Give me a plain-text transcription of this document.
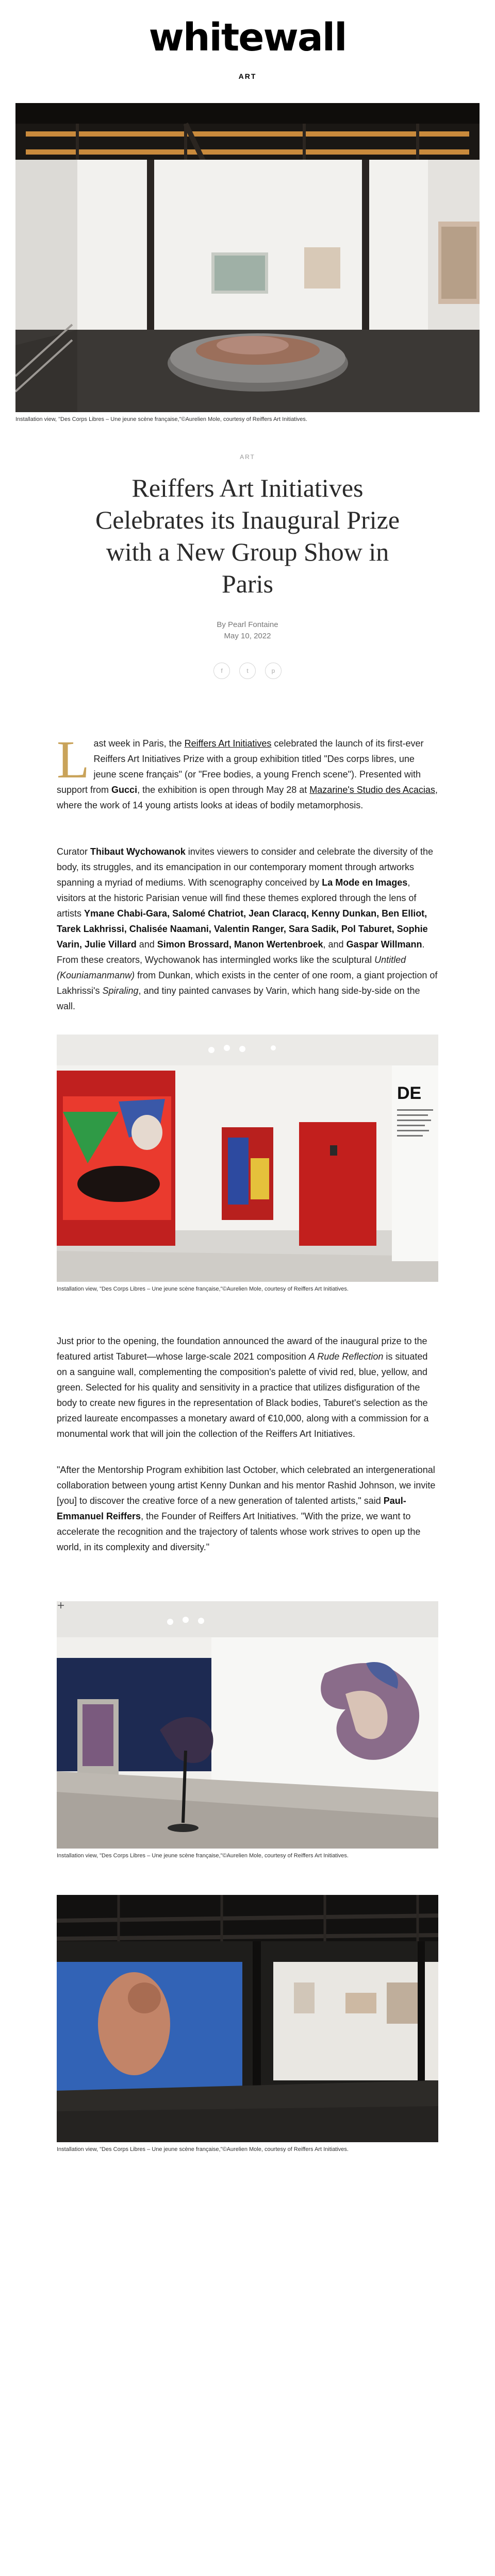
whitewall
ART
Installation view, "Des Corps Libres – Une jeune scène française,"©Aurelien Mole, courtesy of Reiffers Art Initiatives.
ART
Reiffers Art Initiatives Celebrates its Inaugural Prize with a New Group Show in Paris
By Pearl Fontaine
May 10, 2022
f	t	p

Last week in Paris, the Reiffers Art Initiatives celebrated the launch of its first-ever Reiffers Art Initiatives Prize with a group exhibition titled "Des corps libres, une jeune scene français" (or "Free bodies, a young French scene"). Presented with support from Gucci, the exhibition is open through May 28 at Mazarine's Studio des Acacias, where the work of 14 young artists looks at ideas of bodily metamorphosis.

Curator Thibaut Wychowanok invites viewers to consider and celebrate the diversity of the body, its struggles, and its emancipation in our contemporary moment through artworks spanning a myriad of mediums. With scenography conceived by La Mode en Images, visitors at the historic Parisian venue will find these themes explored through the lens of artists Ymane Chabi-Gara, Salomé Chatriot, Jean Claracq, Kenny Dunkan, Ben Elliot, Tarek Lakhrissi, Chalisée Naamani, Valentin Ranger, Sara Sadik, Pol Taburet, Sophie Varin, Julie Villard and Simon Brossard, Manon Wertenbroek, and Gaspar Willmann. From these creators, Wychowanok has intermingled works like the sculptural Untitled (Kouniamanmanw) from Dunkan, which exists in the center of one room, a giant projection of Lakhrissi's Spiraling, and tiny painted canvases by Varin, which hang side-by-side on the wall.

DE
Installation view, "Des Corps Libres – Une jeune scène française,"©Aurelien Mole, courtesy of Reiffers Art Initiatives.

Just prior to the opening, the foundation announced the award of the inaugural prize to the featured artist Taburet—whose large-scale 2021 composition A Rude Reflection is situated on a sanguine wall, complementing the composition's palette of vivid red, blue, yellow, and green. Selected for his quality and sensitivity in a practice that utilizes disfiguration of the body to create new figures in the representation of Black bodies, Taburet's selection as the prized laureate encompasses a monetary award of €10,000, along with a commission for a monumental work that will join the collection of the Reiffers Art Initiatives.

"After the Mentorship Program exhibition last October, which celebrated an intergenerational collaboration between young artist Kenny Dunkan and his mentor Rashid Johnson, we invite [you] to discover the creative force of a new generation of talented artists," said Paul-Emmanuel Reiffers, the Founder of Reiffers Art Initiatives. "With the prize, we want to accelerate the recognition and the trajectory of talents whose work strives to open up the world, in its complexity and diversity."

Installation view, "Des Corps Libres – Une jeune scène française,"©Aurelien Mole, courtesy of Reiffers Art Initiatives.
Installation view, "Des Corps Libres – Une jeune scène française,"©Aurelien Mole, courtesy of Reiffers Art Initiatives.
